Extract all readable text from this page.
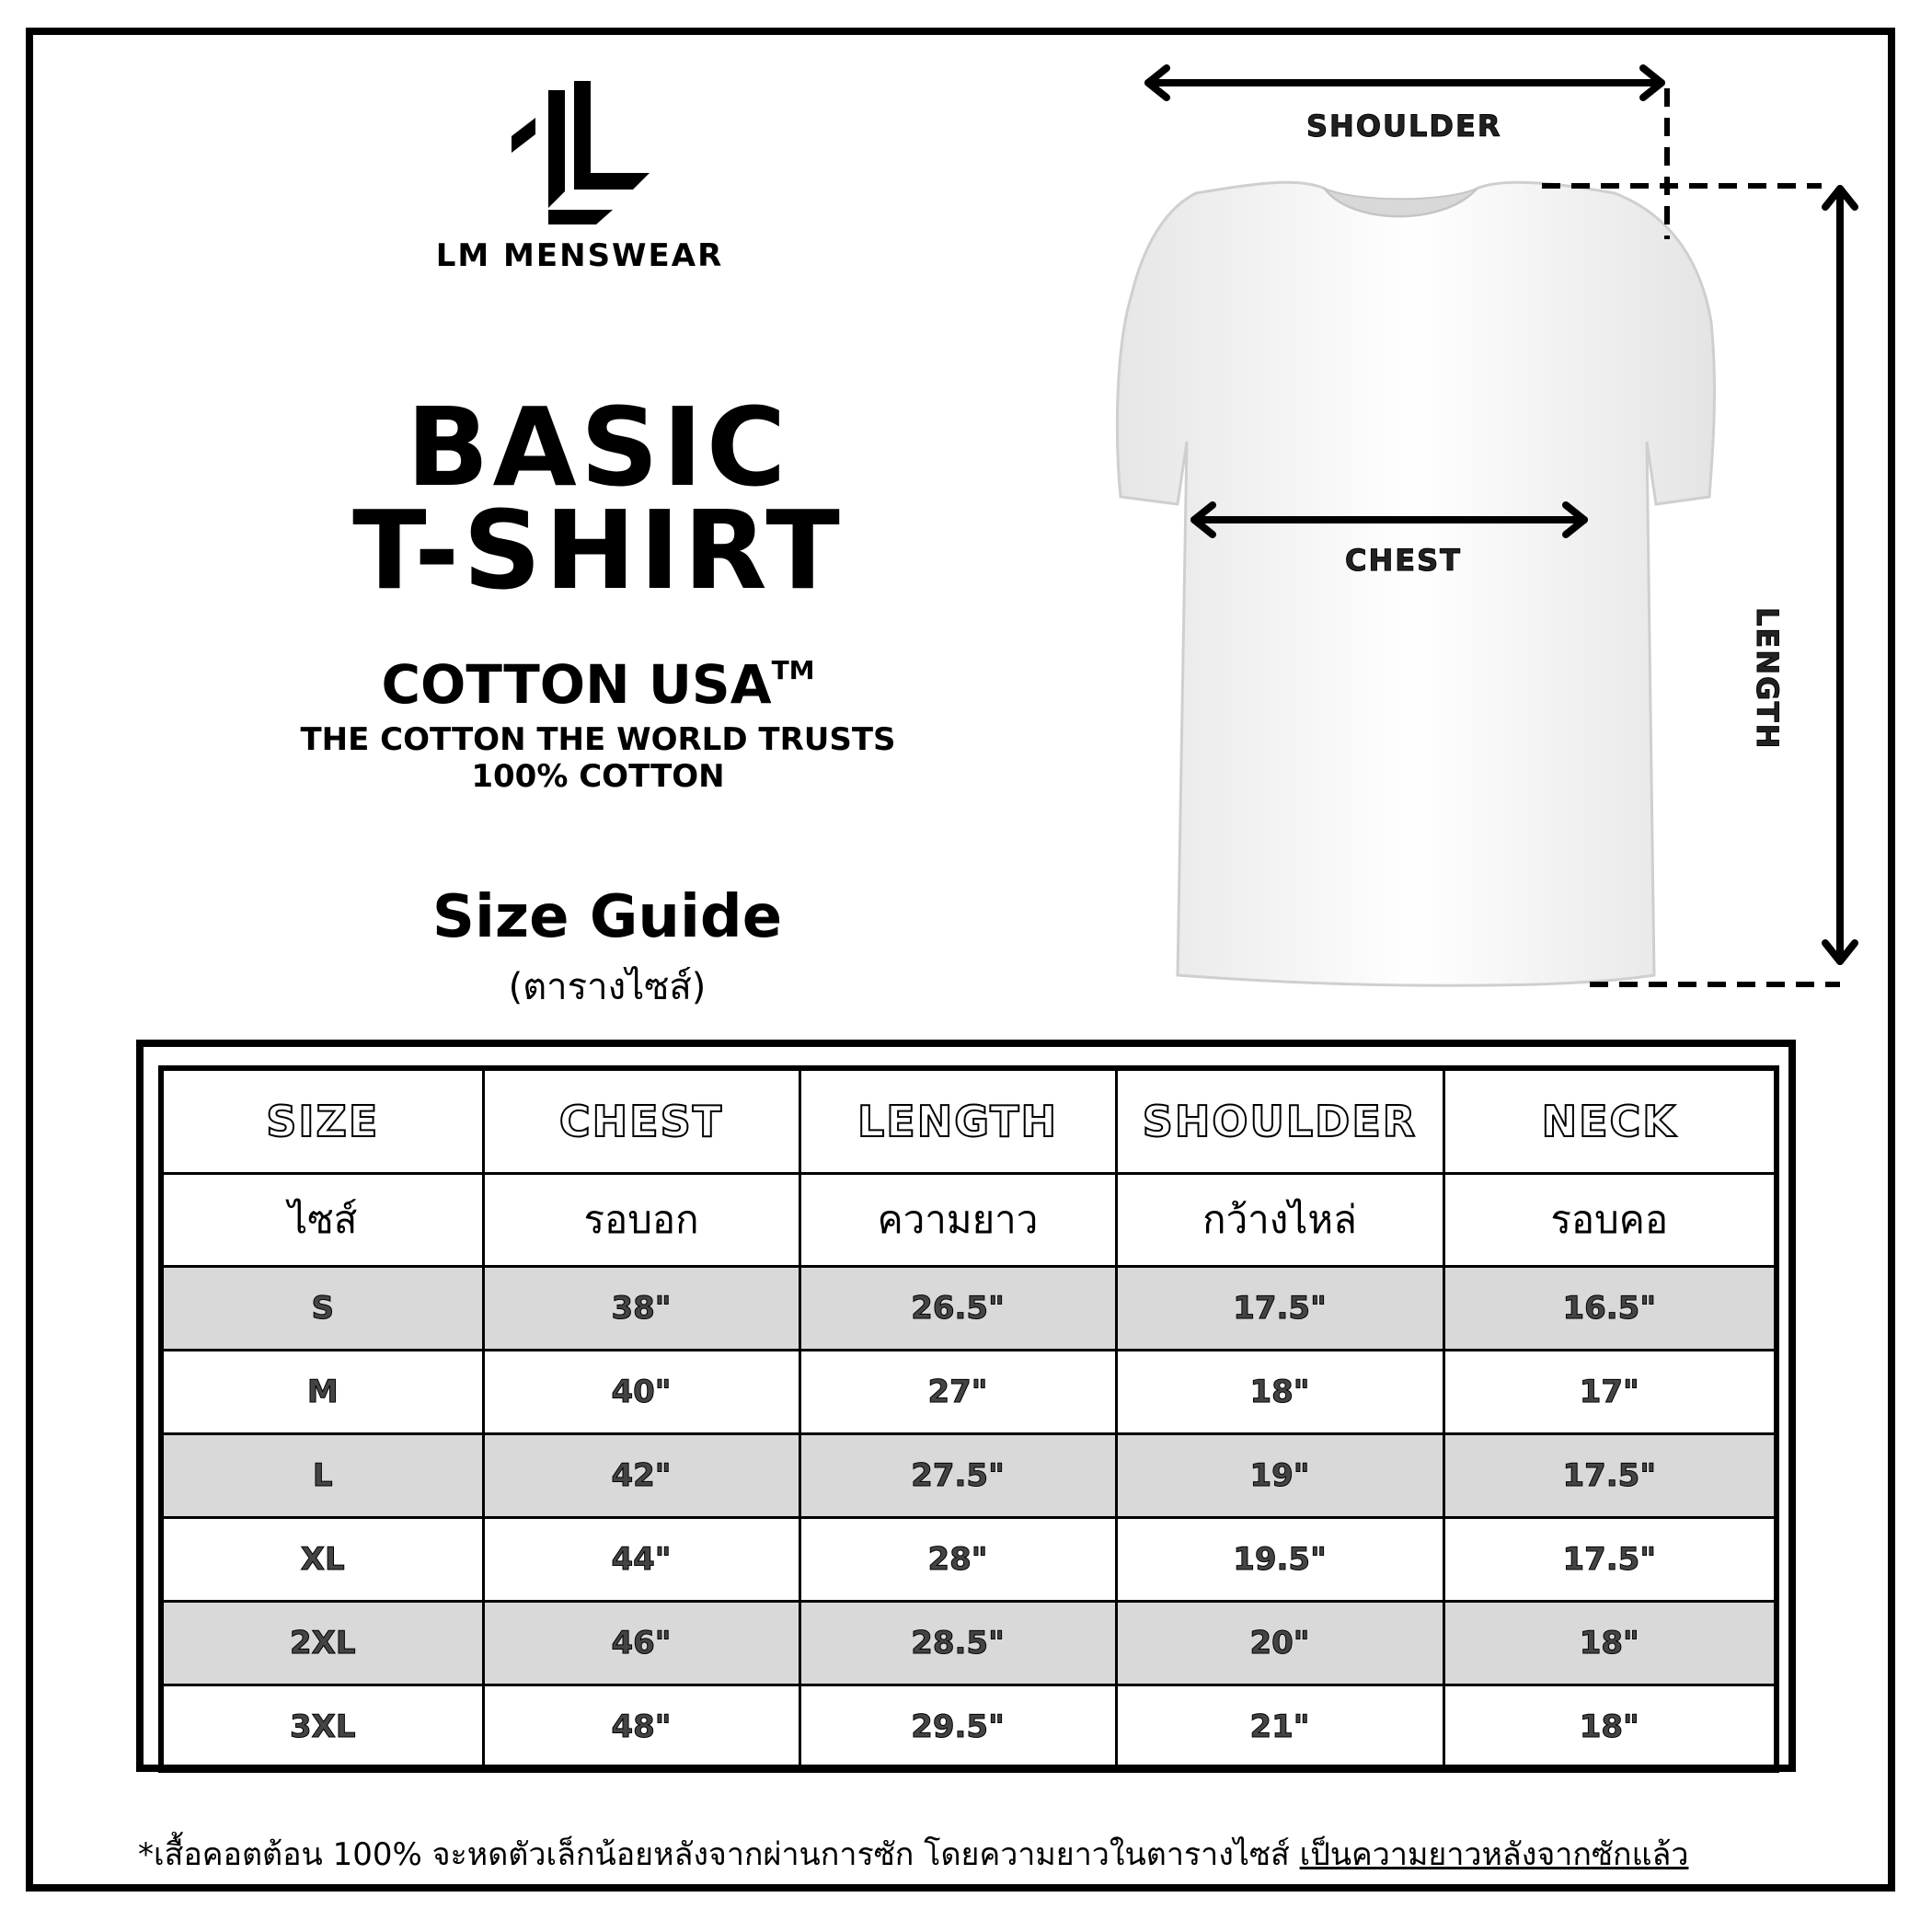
LM MENSWEAR
BASIC
T-SHIRT
COTTON USA™
THE COTTON THE WORLD TRUSTS
100% COTTON
Size Guide
(ตารางไซส์)
SHOULDER
CHEST
LENGTH
SIZE	CHEST	LENGTH	SHOULDER	NECK
ไซส์	รอบอก	ความยาว	กว้างไหล่	รอบคอ
S	38"	26.5"	17.5"	16.5"
M	40"	27"	18"	17"
L	42"	27.5"	19"	17.5"
XL	44"	28"	19.5"	17.5"
2XL	46"	28.5"	20"	18"
3XL	48"	29.5"	21"	18"
*เสื้อคอตต้อน 100% จะหดตัวเล็กน้อยหลังจากผ่านการซัก โดยความยาวในตารางไซส์ เป็นความยาวหลังจากซักแล้ว
